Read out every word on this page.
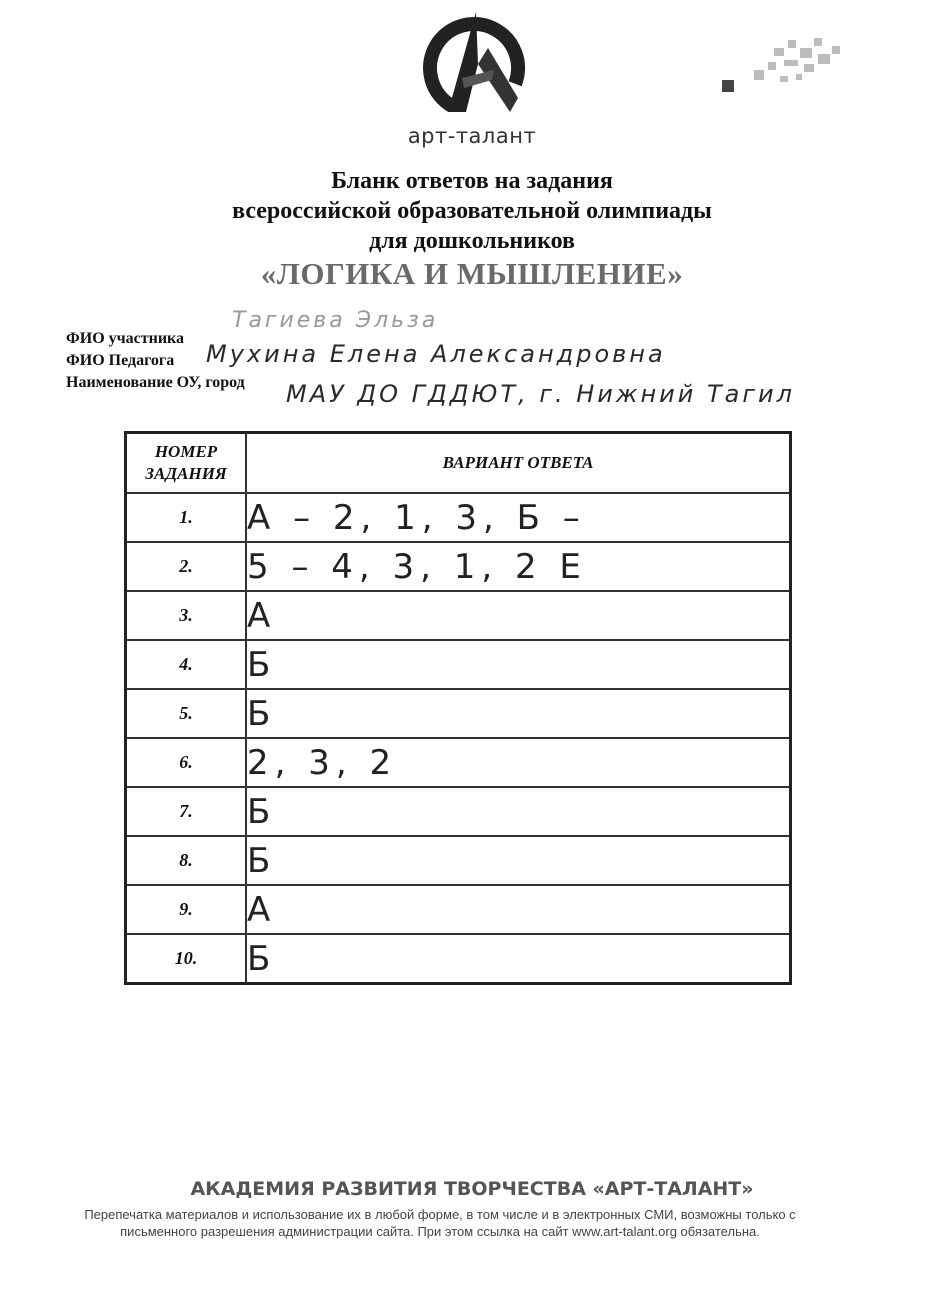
арт-талант
Бланк ответов на задания
всероссийской образовательной олимпиады
для дошкольников
«ЛОГИКА И МЫШЛЕНИЕ»
ФИО участника
Тагиева Эльза
ФИО Педагога Мухина Елена Александровна
Наименование ОУ, город МАУ ДО ГДДЮТ, г. Нижний Тагил
НОМЕР
ЗАДАНИЯ	ВАРИАНТ ОТВЕТА
1.	А – 2, 1, 3, Б –
2.	5 – 4, 3, 1, 2 Е
3.	А
4.	Б
5.	Б
6.	2, 3, 2
7.	Б
8.	Б
9.	А
10.	Б
АКАДЕМИЯ РАЗВИТИЯ ТВОРЧЕСТВА «АРТ-ТАЛАНТ»
Перепечатка материалов и использование их в любой форме, в том числе и в электронных СМИ, возможны только с
письменного разрешения администрации сайта. При этом ссылка на сайт www.art-talant.org обязательна.
